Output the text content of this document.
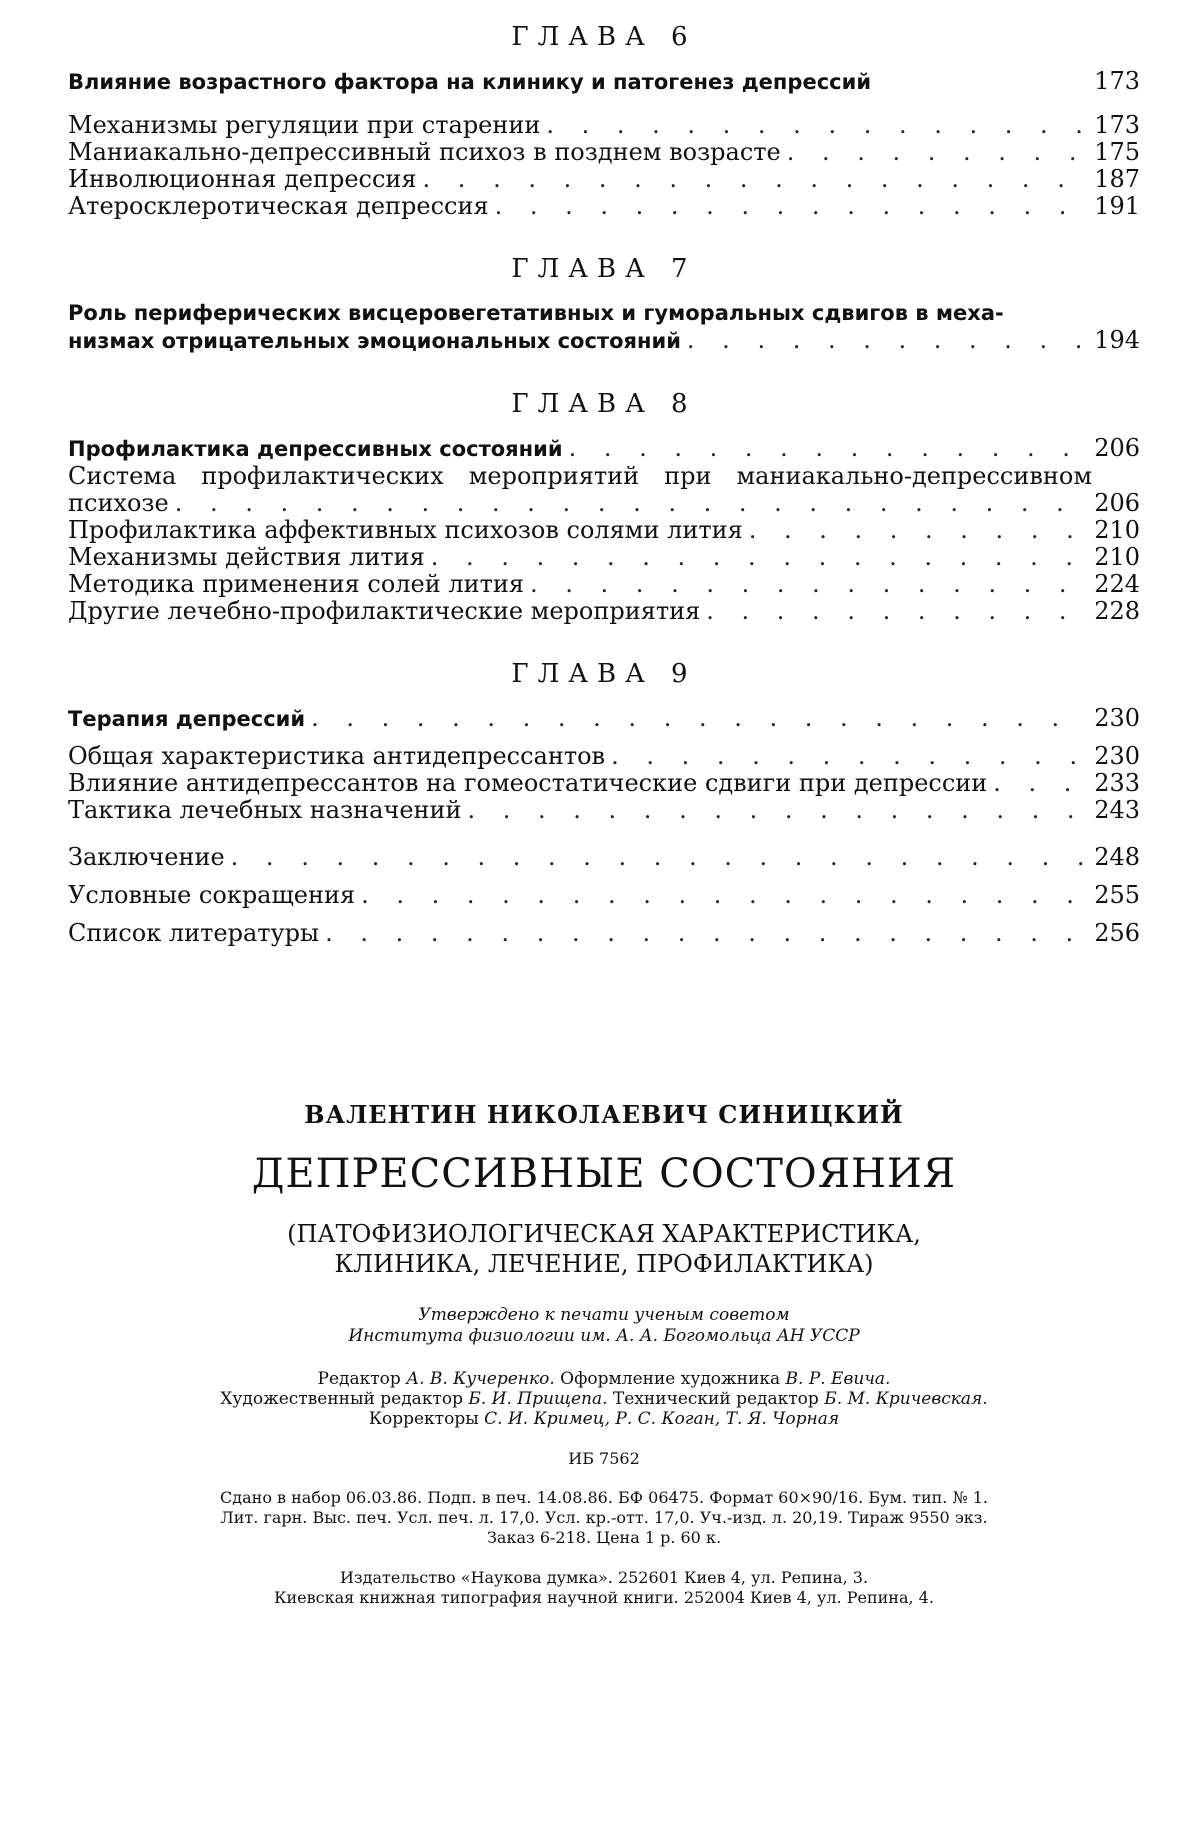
ГЛАВА 6
Влияние возрастного фактора на клинику и патогенез депрессий	173
Механизмы регуляции при старении . . .	173
Маниакально-депрессивный психоз в позднем возрасте . . .	175
Инволюционная депрессия . . .	187
Атеросклеротическая депрессия . . .	191
ГЛАВА 7
Роль периферических висцеровегетативных и гуморальных сдвигов в меха-
низмах отрицательных эмоциональных состояний . . .	194
ГЛАВА 8
Профилактика депрессивных состояний . . .	206
Система профилактических мероприятий при маниакально-депрессивном
психозе . . .	206
Профилактика аффективных психозов солями лития . . .	210
Механизмы действия лития . . .	210
Методика применения солей лития . . .	224
Другие лечебно-профилактические мероприятия . . .	228
ГЛАВА 9
Терапия депрессий . . .	230
Общая характеристика антидепрессантов . . .	230
Влияние антидепрессантов на гомеостатические сдвиги при депрессии . . .	233
Тактика лечебных назначений . . .	243
Заключение . . .	248
Условные сокращения . . .	255
Список литературы . . .	256
ВАЛЕНТИН НИКОЛАЕВИЧ СИНИЦКИЙ
ДЕПРЕССИВНЫЕ СОСТОЯНИЯ
(ПАТОФИЗИОЛОГИЧЕСКАЯ ХАРАКТЕРИСТИКА,
КЛИНИКА, ЛЕЧЕНИЕ, ПРОФИЛАКТИКА)
Утверждено к печати ученым советом
Института физиологии им. А. А. Богомольца АН УССР
Редактор А. В. Кучеренко. Оформление художника В. Р. Евича.
Художественный редактор Б. И. Прищепа. Технический редактор Б. М. Кричевская.
Корректоры С. И. Кримец, Р. С. Коган, Т. Я. Чорная
ИБ 7562
Сдано в набор 06.03.86. Подп. в печ. 14.08.86. БФ 06475. Формат 60×90/16. Бум. тип. № 1.
Лит. гарн. Выс. печ. Усл. печ. л. 17,0. Усл. кр.-отт. 17,0. Уч.-изд. л. 20,19. Тираж 9550 экз.
Заказ 6-218. Цена 1 р. 60 к.
Издательство «Наукова думка». 252601 Киев 4, ул. Репина, 3.
Киевская книжная типография научной книги. 252004 Киев 4, ул. Репина, 4.
